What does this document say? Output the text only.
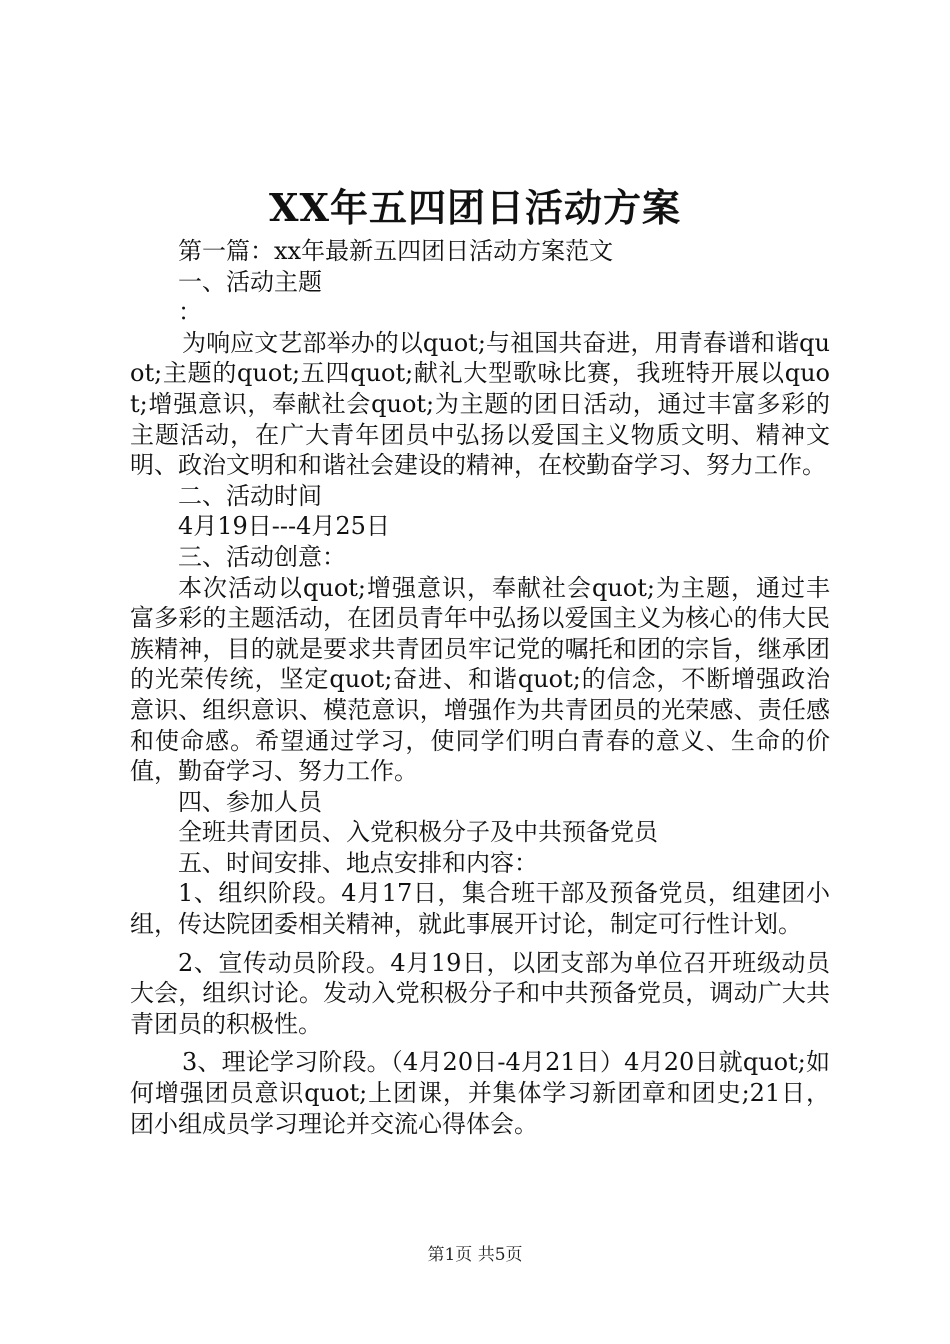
XX年五四团日活动方案

第一篇：xx年最新五四团日活动方案范文

一、活动主题

：

为响应文艺部举办的以quot;与祖国共奋进，用青春谱和谐quot;主题的quot;五四quot;献礼大型歌咏比赛，我班特开展以quot;增强意识，奉献社会quot;为主题的团日活动，通过丰富多彩的主题活动，在广大青年团员中弘扬以爱国主义物质文明、精神文明、政治文明和和谐社会建设的精神，在校勤奋学习、努力工作。

二、活动时间

4月19日---4月25日

三、活动创意：

本次活动以quot;增强意识，奉献社会quot;为主题，通过丰富多彩的主题活动，在团员青年中弘扬以爱国主义为核心的伟大民族精神，目的就是要求共青团员牢记党的嘱托和团的宗旨，继承团的光荣传统，坚定quot;奋进、和谐quot;的信念，不断增强政治意识、组织意识、模范意识，增强作为共青团员的光荣感、责任感和使命感。希望通过学习，使同学们明白青春的意义、生命的价值，勤奋学习、努力工作。

四、参加人员

全班共青团员、入党积极分子及中共预备党员

五、时间安排、地点安排和内容：

1、组织阶段。4月17日，集合班干部及预备党员，组建团小组，传达院团委相关精神，就此事展开讨论，制定可行性计划。

2、宣传动员阶段。4月19日，以团支部为单位召开班级动员大会，组织讨论。发动入党积极分子和中共预备党员，调动广大共青团员的积极性。

3、理论学习阶段。（4月20日-4月21日）4月20日就quot;如何增强团员意识quot;上团课，并集体学习新团章和团史;21日，团小组成员学习理论并交流心得体会。

第1页 共5页
